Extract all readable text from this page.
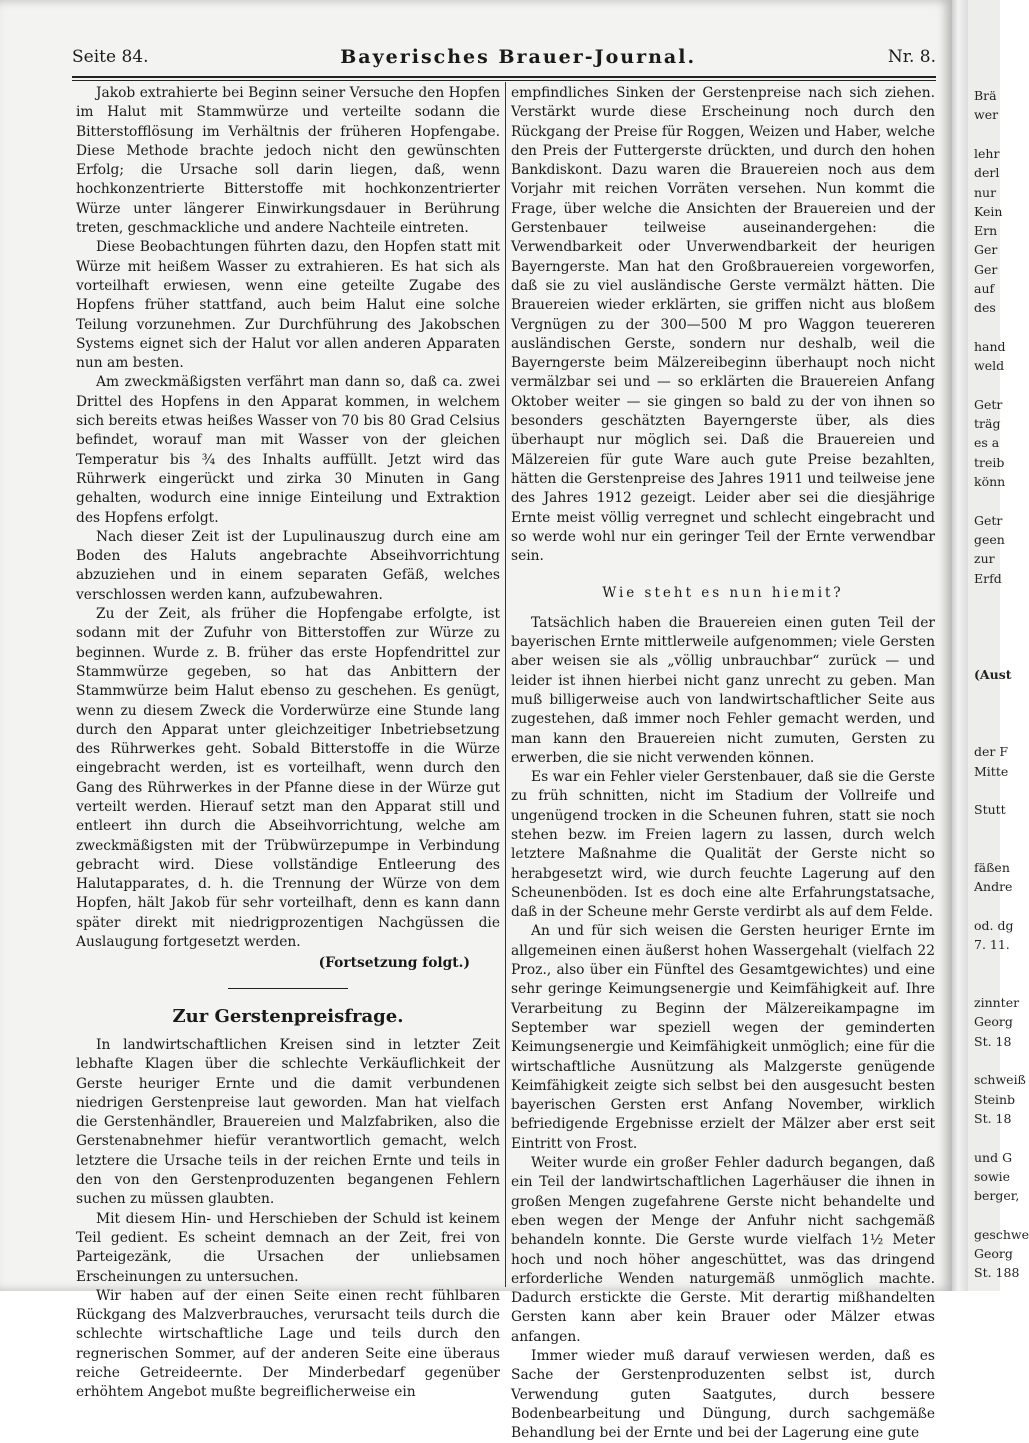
Seite 84.	Bayerisches Brauer-Journal.	Nr. 8.

Jakob extrahierte bei Beginn seiner Versuche den Hopfen im Halut mit Stammwürze und verteilte sodann die Bitterstofflösung im Verhältnis der früheren Hopfengabe. Diese Methode brachte jedoch nicht den gewünschten Erfolg; die Ursache soll darin liegen, daß, wenn hochkonzentrierte Bitterstoffe mit hochkonzentrierter Würze unter längerer Einwirkungsdauer in Berührung treten, geschmackliche und andere Nachteile eintreten.

Diese Beobachtungen führten dazu, den Hopfen statt mit Würze mit heißem Wasser zu extrahieren. Es hat sich als vorteilhaft erwiesen, wenn eine geteilte Zugabe des Hopfens früher stattfand, auch beim Halut eine solche Teilung vorzunehmen. Zur Durchführung des Jakobschen Systems eignet sich der Halut vor allen anderen Apparaten nun am besten.

Am zweckmäßigsten verfährt man dann so, daß ca. zwei Drittel des Hopfens in den Apparat kommen, in welchem sich bereits etwas heißes Wasser von 70 bis 80 Grad Celsius befindet, worauf man mit Wasser von der gleichen Temperatur bis ¾ des Inhalts auffüllt. Jetzt wird das Rührwerk eingerückt und zirka 30 Minuten in Gang gehalten, wodurch eine innige Einteilung und Extraktion des Hopfens erfolgt.

Nach dieser Zeit ist der Lupulinauszug durch eine am Boden des Haluts angebrachte Abseihvorrichtung abzuziehen und in einem separaten Gefäß, welches verschlossen werden kann, aufzubewahren.

Zu der Zeit, als früher die Hopfengabe erfolgte, ist sodann mit der Zufuhr von Bitterstoffen zur Würze zu beginnen. Wurde z. B. früher das erste Hopfendrittel zur Stammwürze gegeben, so hat das Anbittern der Stammwürze beim Halut ebenso zu geschehen. Es genügt, wenn zu diesem Zweck die Vorderwürze eine Stunde lang durch den Apparat unter gleichzeitiger Inbetriebsetzung des Rührwerkes geht. Sobald Bitterstoffe in die Würze eingebracht werden, ist es vorteilhaft, wenn durch den Gang des Rührwerkes in der Pfanne diese in der Würze gut verteilt werden. Hierauf setzt man den Apparat still und entleert ihn durch die Abseihvorrichtung, welche am zweckmäßigsten mit der Trübwürzepumpe in Verbindung gebracht wird. Diese vollständige Entleerung des Halutapparates, d. h. die Trennung der Würze von dem Hopfen, hält Jakob für sehr vorteilhaft, denn es kann dann später direkt mit niedrigprozentigen Nachgüssen die Auslaugung fortgesetzt werden.

(Fortsetzung folgt.)
Zur Gerstenpreisfrage.

In landwirtschaftlichen Kreisen sind in letzter Zeit lebhafte Klagen über die schlechte Verkäuflichkeit der Gerste heuriger Ernte und die damit verbundenen niedrigen Gerstenpreise laut geworden. Man hat vielfach die Gerstenhändler, Brauereien und Malzfabriken, also die Gerstenabnehmer hiefür verantwortlich gemacht, welch letztere die Ursache teils in der reichen Ernte und teils in den von den Gerstenproduzenten begangenen Fehlern suchen zu müssen glaubten.

Mit diesem Hin- und Herschieben der Schuld ist keinem Teil gedient. Es scheint demnach an der Zeit, frei von Parteigezänk, die Ursachen der unliebsamen Erscheinungen zu untersuchen.

Wir haben auf der einen Seite einen recht fühlbaren Rückgang des Malzverbrauches, verursacht teils durch die schlechte wirtschaftliche Lage und teils durch den regnerischen Sommer, auf der anderen Seite eine überaus reiche Getreideernte. Der Minderbedarf gegenüber erhöhtem Angebot mußte begreiflicherweise ein

empfindliches Sinken der Gerstenpreise nach sich ziehen. Verstärkt wurde diese Erscheinung noch durch den Rückgang der Preise für Roggen, Weizen und Haber, welche den Preis der Futtergerste drückten, und durch den hohen Bankdiskont. Dazu waren die Brauereien noch aus dem Vorjahr mit reichen Vorräten versehen. Nun kommt die Frage, über welche die Ansichten der Brauereien und der Gerstenbauer teilweise auseinandergehen: die Verwendbarkeit oder Unverwendbarkeit der heurigen Bayerngerste. Man hat den Großbrauereien vorgeworfen, daß sie zu viel ausländische Gerste vermälzt hätten. Die Brauereien wieder erklärten, sie griffen nicht aus bloßem Vergnügen zu der 300—500 M pro Waggon teuereren ausländischen Gerste, sondern nur deshalb, weil die Bayerngerste beim Mälzereibeginn überhaupt noch nicht vermälzbar sei und — so erklärten die Brauereien Anfang Oktober weiter — sie gingen so bald zu der von ihnen so besonders geschätzten Bayerngerste über, als dies überhaupt nur möglich sei. Daß die Brauereien und Mälzereien für gute Ware auch gute Preise bezahlten, hätten die Gerstenpreise des Jahres 1911 und teilweise jene des Jahres 1912 gezeigt. Leider aber sei die diesjährige Ernte meist völlig verregnet und schlecht eingebracht und so werde wohl nur ein geringer Teil der Ernte verwendbar sein.

Wie steht es nun hiemit?

Tatsächlich haben die Brauereien einen guten Teil der bayerischen Ernte mittlerweile aufgenommen; viele Gersten aber weisen sie als „völlig unbrauchbar“ zurück — und leider ist ihnen hierbei nicht ganz unrecht zu geben. Man muß billigerweise auch von landwirtschaftlicher Seite aus zugestehen, daß immer noch Fehler gemacht werden, und man kann den Brauereien nicht zumuten, Gersten zu erwerben, die sie nicht verwenden können.

Es war ein Fehler vieler Gerstenbauer, daß sie die Gerste zu früh schnitten, nicht im Stadium der Vollreife und ungenügend trocken in die Scheunen fuhren, statt sie noch stehen bezw. im Freien lagern zu lassen, durch welch letztere Maßnahme die Qualität der Gerste nicht so herabgesetzt wird, wie durch feuchte Lagerung auf den Scheunenböden. Ist es doch eine alte Erfahrungstatsache, daß in der Scheune mehr Gerste verdirbt als auf dem Felde.

An und für sich weisen die Gersten heuriger Ernte im allgemeinen einen äußerst hohen Wassergehalt (vielfach 22 Proz., also über ein Fünftel des Gesamtgewichtes) und eine sehr geringe Keimungsenergie und Keimfähigkeit auf. Ihre Verarbeitung zu Beginn der Mälzereikampagne im September war speziell wegen der geminderten Keimungsenergie und Keimfähigkeit unmöglich; eine für die wirtschaftliche Ausnützung als Malzgerste genügende Keimfähigkeit zeigte sich selbst bei den ausgesucht besten bayerischen Gersten erst Anfang November, wirklich befriedigende Ergebnisse erzielt der Mälzer aber erst seit Eintritt von Frost.

Weiter wurde ein großer Fehler dadurch begangen, daß ein Teil der landwirtschaftlichen Lagerhäuser die ihnen in großen Mengen zugefahrene Gerste nicht behandelte und eben wegen der Menge der Anfuhr nicht sachgemäß behandeln konnte. Die Gerste wurde vielfach 1½ Meter hoch und noch höher angeschüttet, was das dringend erforderliche Wenden naturgemäß unmöglich machte. Dadurch erstickte die Gerste. Mit derartig mißhandelten Gersten kann aber kein Brauer oder Mälzer etwas anfangen.

Immer wieder muß darauf verwiesen werden, daß es Sache der Gerstenproduzenten selbst ist, durch Verwendung guten Saatgutes, durch bessere Bodenbearbeitung und Düngung, durch sachgemäße Behandlung bei der Ernte und bei der Lagerung eine gute

Brä
wer
lehr
derl
nur
Kein
Ern
Ger
Ger
auf
des
hand
weld
Getr
träg
es a
treib
könn
Getr
geen
zur
Erfd
(Aust
der F
Mitte
Stutt
fäßen
Andre
od. dg
7. 11.
zinnter
Georg
St. 18
schweiß
Steinb
St. 18
und G
sowie
berger,
geschwe
Georg
St. 188
